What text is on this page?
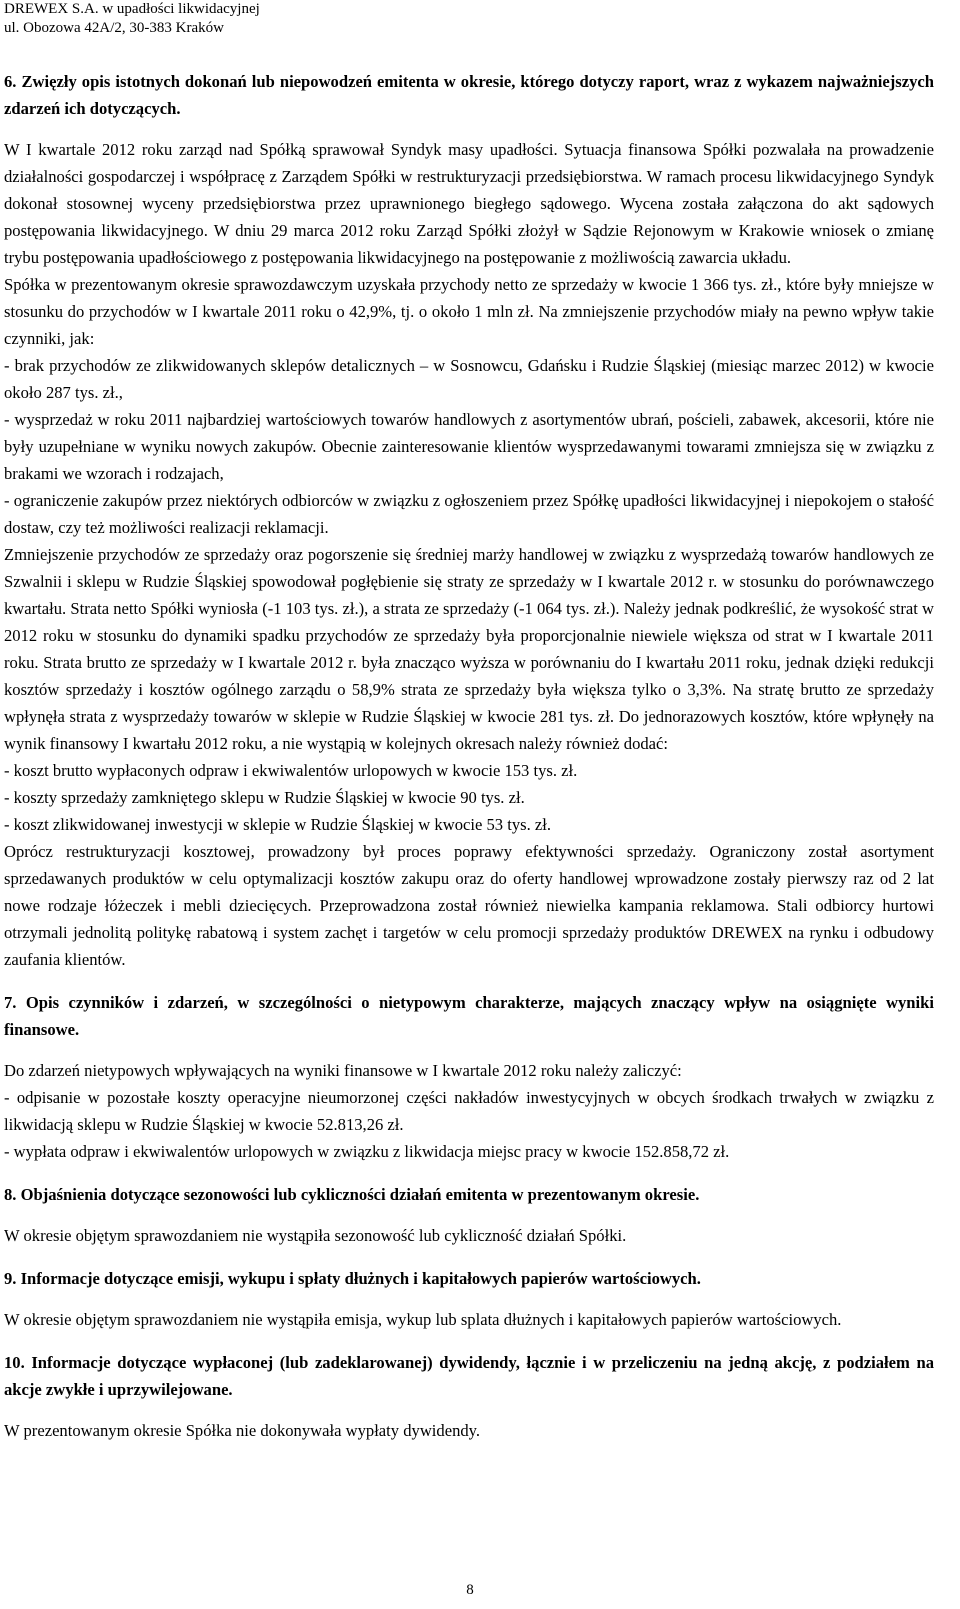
DREWEX S.A. w upadłości likwidacyjnej
ul. Obozowa 42A/2, 30-383 Kraków

6. Zwięzły opis istotnych dokonań lub niepowodzeń emitenta w okresie, którego dotyczy raport, wraz z wykazem najważniejszych zdarzeń ich dotyczących.

W I kwartale 2012 roku zarząd nad Spółką sprawował Syndyk masy upadłości. Sytuacja finansowa Spółki pozwalała na prowadzenie działalności gospodarczej i współpracę z Zarządem Spółki w restrukturyzacji przedsiębiorstwa. W ramach procesu likwidacyjnego Syndyk dokonał stosownej wyceny przedsiębiorstwa przez uprawnionego biegłego sądowego. Wycena została załączona do akt sądowych postępowania likwidacyjnego. W dniu 29 marca 2012 roku Zarząd Spółki złożył w Sądzie Rejonowym w Krakowie wniosek o zmianę trybu postępowania upadłościowego z postępowania likwidacyjnego na postępowanie z możliwością zawarcia układu.

Spółka w prezentowanym okresie sprawozdawczym uzyskała przychody netto ze sprzedaży w kwocie 1 366 tys. zł., które były mniejsze w stosunku do przychodów w I kwartale 2011 roku o 42,9%, tj. o około 1 mln zł. Na zmniejszenie przychodów miały na pewno wpływ takie czynniki, jak:

- brak przychodów ze zlikwidowanych sklepów detalicznych – w Sosnowcu, Gdańsku i Rudzie Śląskiej (miesiąc marzec 2012) w kwocie około 287 tys. zł.,

- wysprzedaż w roku 2011 najbardziej wartościowych towarów handlowych z asortymentów ubrań, pościeli, zabawek, akcesorii, które nie były uzupełniane w wyniku nowych zakupów. Obecnie zainteresowanie klientów wysprzedawanymi towarami zmniejsza się w związku z brakami we wzorach i rodzajach,

- ograniczenie zakupów przez niektórych odbiorców w związku z ogłoszeniem przez Spółkę upadłości likwidacyjnej i niepokojem o stałość dostaw, czy też możliwości realizacji reklamacji.

Zmniejszenie przychodów ze sprzedaży oraz pogorszenie się średniej marży handlowej w związku z wysprzedażą towarów handlowych ze Szwalnii i sklepu w Rudzie Śląskiej spowodował pogłębienie się straty ze sprzedaży w I kwartale 2012 r. w stosunku do porównawczego kwartału. Strata netto Spółki wyniosła (-1 103 tys. zł.), a strata ze sprzedaży (-1 064 tys. zł.). Należy jednak podkreślić, że wysokość strat w 2012 roku w stosunku do dynamiki spadku przychodów ze sprzedaży była proporcjonalnie niewiele większa od strat w I kwartale 2011 roku. Strata brutto ze sprzedaży w I kwartale 2012 r. była znacząco wyższa w porównaniu do I kwartału 2011 roku, jednak dzięki redukcji kosztów sprzedaży i kosztów ogólnego zarządu o 58,9% strata ze sprzedaży była większa tylko o 3,3%. Na stratę brutto ze sprzedaży wpłynęła strata z wysprzedaży towarów w sklepie w Rudzie Śląskiej w kwocie 281 tys. zł. Do jednorazowych kosztów, które wpłynęły na wynik finansowy I kwartału 2012 roku, a nie wystąpią w kolejnych okresach należy również dodać:

- koszt brutto wypłaconych odpraw i ekwiwalentów urlopowych w kwocie 153 tys. zł.

- koszty sprzedaży zamkniętego sklepu w Rudzie Śląskiej w kwocie 90 tys. zł.

- koszt zlikwidowanej inwestycji w sklepie w Rudzie Śląskiej w kwocie 53 tys. zł.

Oprócz restrukturyzacji kosztowej, prowadzony był proces poprawy efektywności sprzedaży. Ograniczony został asortyment sprzedawanych produktów w celu optymalizacji kosztów zakupu oraz do oferty handlowej wprowadzone zostały pierwszy raz od 2 lat nowe rodzaje łóżeczek i mebli dziecięcych. Przeprowadzona został również niewielka kampania reklamowa. Stali odbiorcy hurtowi otrzymali jednolitą politykę rabatową i system zachęt i targetów w celu promocji sprzedaży produktów DREWEX na rynku i odbudowy zaufania klientów.

7. Opis czynników i zdarzeń, w szczególności o nietypowym charakterze, mających znaczący wpływ na osiągnięte wyniki finansowe.

Do zdarzeń nietypowych wpływających na wyniki finansowe w I kwartale 2012 roku należy zaliczyć:

- odpisanie w pozostałe koszty operacyjne nieumorzonej części nakładów inwestycyjnych w obcych środkach trwałych w związku z likwidacją sklepu w Rudzie Śląskiej w kwocie 52.813,26 zł.

- wypłata odpraw i ekwiwalentów urlopowych w związku z likwidacja miejsc pracy w kwocie 152.858,72 zł.

8. Objaśnienia dotyczące sezonowości lub cykliczności działań emitenta w prezentowanym okresie.

W okresie objętym sprawozdaniem nie wystąpiła sezonowość lub cykliczność działań Spółki.

9. Informacje dotyczące emisji, wykupu i spłaty dłużnych i kapitałowych papierów wartościowych.

W okresie objętym sprawozdaniem nie wystąpiła emisja, wykup lub splata dłużnych i kapitałowych papierów wartościowych.

10. Informacje dotyczące wypłaconej (lub zadeklarowanej) dywidendy, łącznie i w przeliczeniu na jedną akcję, z podziałem na akcje zwykłe i uprzywilejowane.

W prezentowanym okresie Spółka nie dokonywała wypłaty dywidendy.

8
